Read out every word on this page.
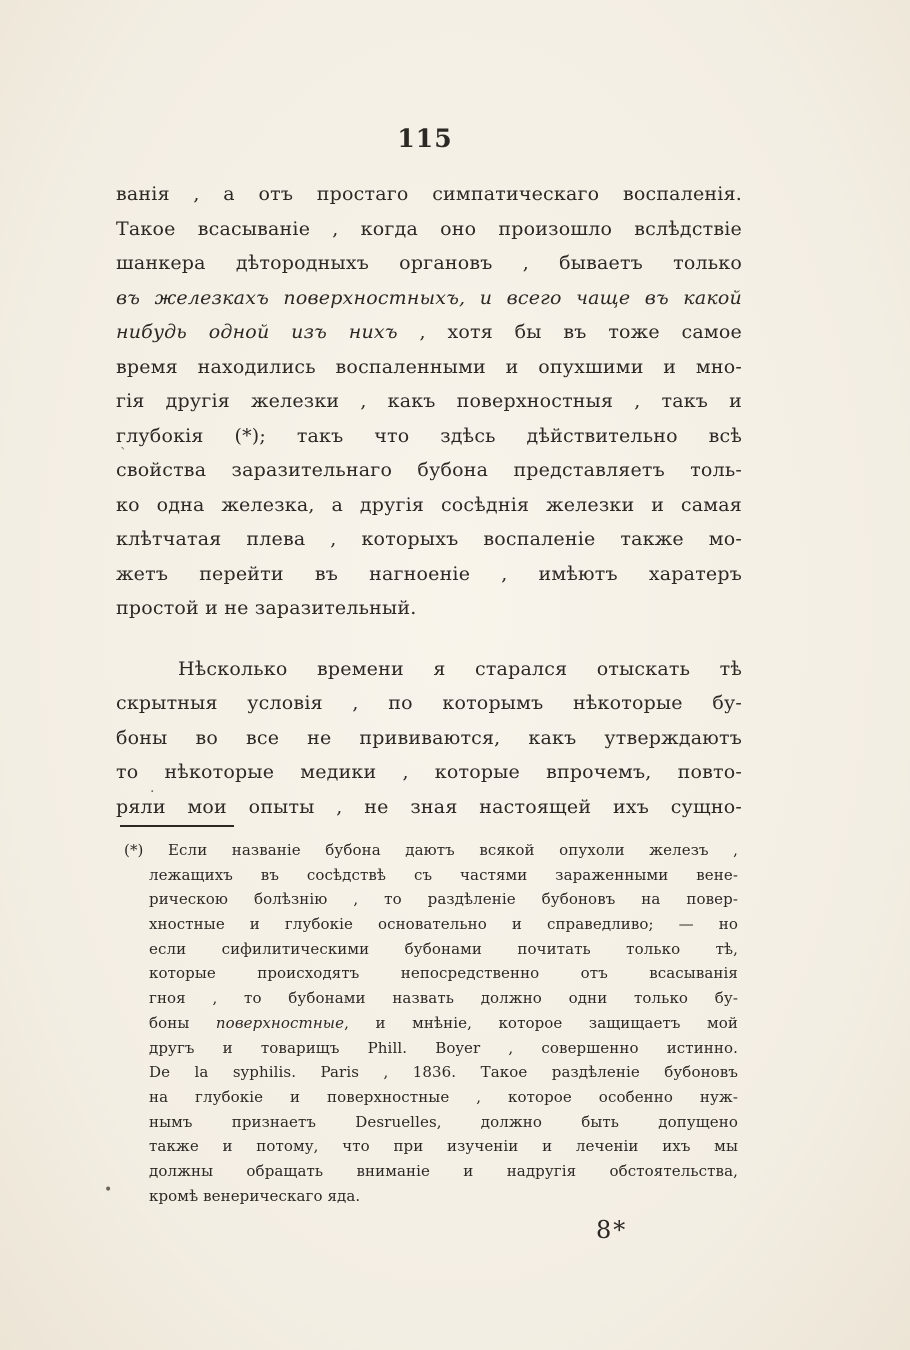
`
.
•
115
ванія , а отъ простаго симпатическаго воспаленія.
Такое всасываніе , когда оно произошло вслѣдствіе
шанкера дѣтородныхъ органовъ , бываетъ только
въ железкахъ поверхностныхъ, и всего чаще въ какой
нибудь одной изъ нихъ , хотя бы въ тоже самое
время находились воспаленными и опухшими и мно-
гія другія железки , какъ поверхностныя , такъ и
глубокія (*); такъ что здѣсь дѣйствительно всѣ
свойства заразительнаго бубона представляетъ толь-
ко одна железка, а другія сосѣднія железки и самая
клѣтчатая плева , которыхъ воспаленіе также мо-
жетъ перейти въ нагноеніе , имѣютъ харатеръ
простой и не заразительный.
Нѣсколько времени я старался отыскать тѣ
скрытныя условія , по которымъ нѣкоторые бу-
боны во все не прививаются, какъ утверждаютъ
то нѣкоторые медики , которые впрочемъ, повто-
ряли мои опыты , не зная настоящей ихъ сущно-
(*) Если названіе бубона даютъ всякой опухоли железъ ,
лежащихъ въ сосѣдствѣ съ частями зараженными вене-
рическою болѣзнію , то раздѣленіе бубоновъ на повер-
хностные и глубокіе основательно и справедливо; — но
если сифилитическими бубонами почитать только тѣ,
которые происходятъ непосредственно отъ всасыванія
гноя , то бубонами назвать должно одни только бу-
боны поверхностные, и мнѣніе, которое защищаетъ мой
другъ и товарищъ Phill. Boyer , совершенно истинно.
De la syphilis. Paris , 1836. Такое раздѣленіе бубоновъ
на глубокіе и поверхностные , которое особенно нуж-
нымъ признаетъ Desruelles, должно быть допущено
также и потому, что при изученіи и леченіи ихъ мы
должны обращать вниманіе и надругія обстоятельства,
кромѣ венерическаго яда.
8*
